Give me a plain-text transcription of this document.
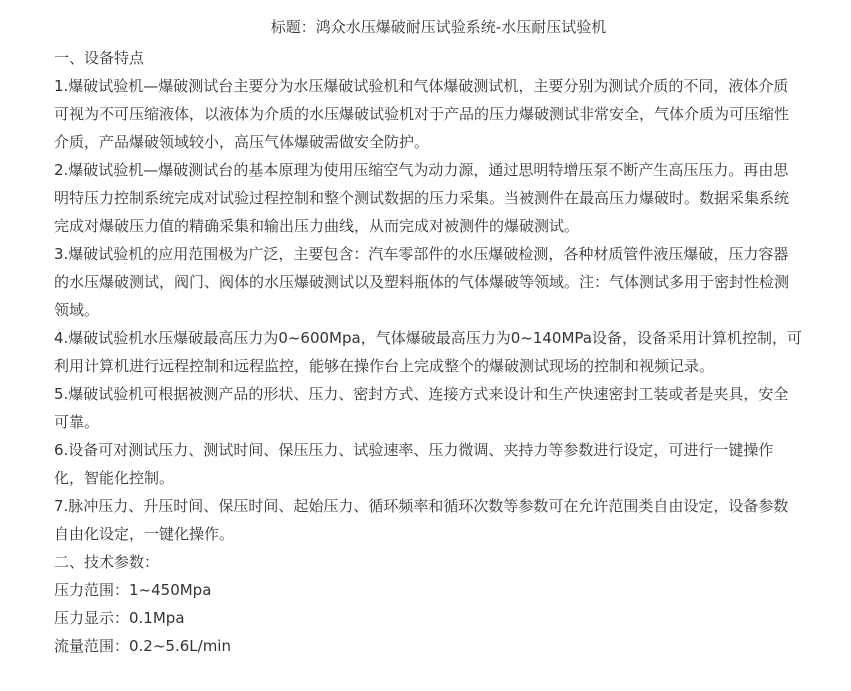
标题：鸿众水压爆破耐压试验系统-水压耐压试验机
一、设备特点

1.爆破试验机—爆破测试台主要分为水压爆破试验机和气体爆破测试机，主要分别为测试介质的不同，液体介质可视为不可压缩液体，以液体为介质的水压爆破试验机对于产品的压力爆破测试非常安全，气体介质为可压缩性介质，产品爆破领域较小，高压气体爆破需做安全防护。

2.爆破试验机—爆破测试台的基本原理为使用压缩空气为动力源，通过思明特增压泵不断产生高压压力。再由思明特压力控制系统完成对试验过程控制和整个测试数据的压力采集。当被测件在最高压力爆破时。数据采集系统完成对爆破压力值的精确采集和输出压力曲线，从而完成对被测件的爆破测试。

3.爆破试验机的应用范围极为广泛，主要包含：汽车零部件的水压爆破检测，各种材质管件液压爆破，压力容器的水压爆破测试，阀门、阀体的水压爆破测试以及塑料瓶体的气体爆破等领域。注：气体测试多用于密封性检测领域。

4.爆破试验机水压爆破最高压力为0~600Mpa，气体爆破最高压力为0~140MPa设备，设备采用计算机控制，可利用计算机进行远程控制和远程监控，能够在操作台上完成整个的爆破测试现场的控制和视频记录。

5.爆破试验机可根据被测产品的形状、压力、密封方式、连接方式来设计和生产快速密封工装或者是夹具，安全可靠。

6.设备可对测试压力、测试时间、保压压力、试验速率、压力微调、夹持力等参数进行设定，可进行一键操作化，智能化控制。

7.脉冲压力、升压时间、保压时间、起始压力、循环频率和循环次数等参数可在允许范围类自由设定，设备参数自由化设定，一键化操作。

二、技术参数：

压力范围：1~450Mpa

压力显示：0.1Mpa

流量范围：0.2~5.6L/min
